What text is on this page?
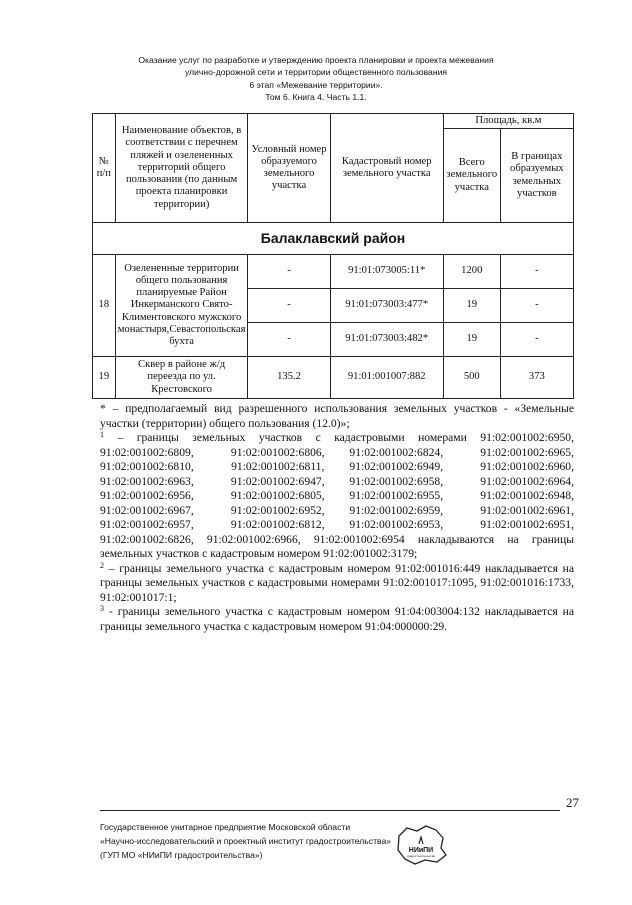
Оказание услуг по разработке и утверждению проекта планировки и проекта межевания
улично-дорожной сети и территории общественного пользования
6 этап «Межевание территории».
Том 6. Книга 4. Часть 1.1.
№ п/п	Наименование объектов, в соответствии с перечнем пляжей и озелененных территорий общего пользования (по данным проекта планировки территории)	Условный номер образуемого земельного участка	Кадастровый номер земельного участка	Площадь, кв.м	
				Всего земельного участка	В границах образуемых земельных участков
Балаклавский район					
18	Озелененные территории общего пользования планируемые Район Инкерманского Свято-Климентовского мужского монастыря,Севастопольская бухта	-	91:01:073005:11*	1200	-
		-	91:01:073003:477*	19	-
		-	91:01:073003:482*	19	-
19	Сквер в районе ж/д переезда по ул. Крестовского	135.2	91:01:001007:882	500	373

* – предполагаемый вид разрешенного использования земельных участков - «Земельные участки (территории) общего пользования (12.0)»;

$^1$ – границы земельных участков с кадастровыми номерами 91:02:001002:6950,

91:02:001002:6809,	91:02:001002:6806,	91:02:001002:6824,	91:02:001002:6965,
91:02:001002:6810,	91:02:001002:6811,	91:02:001002:6949,	91:02:001002:6960,
91:02:001002:6963,	91:02:001002:6947,	91:02:001002:6958,	91:02:001002:6964,
91:02:001002:6956,	91:02:001002:6805,	91:02:001002:6955,	91:02:001002:6948,
91:02:001002:6967,	91:02:001002:6952,	91:02:001002:6959,	91:02:001002:6961,
91:02:001002:6957,	91:02:001002:6812,	91:02:001002:6953,	91:02:001002:6951,

91:02:001002:6826, 91:02:001002:6966, 91:02:001002:6954 накладываются на границы земельных участков с кадастровым номером 91:02:001002:3179;

$^2$ – границы земельного участка с кадастровым номером 91:02:001016:449 накладывается на границы земельных участков с кадастровыми номерами 91:02:001017:1095, 91:02:001016:1733, 91:02:001017:1;

$^3$ - границы земельного участка с кадастровым номером 91:04:003004:132 накладывается на границы земельного участка с кадастровым номером 91:04:000000:29.

27
Государственное унитарное предприятие Московской области
«Научно-исследовательский и проектный институт градостроительства»
(ГУП МО «НИиПИ градостроительства»)	НИиПИ
градостроительства
